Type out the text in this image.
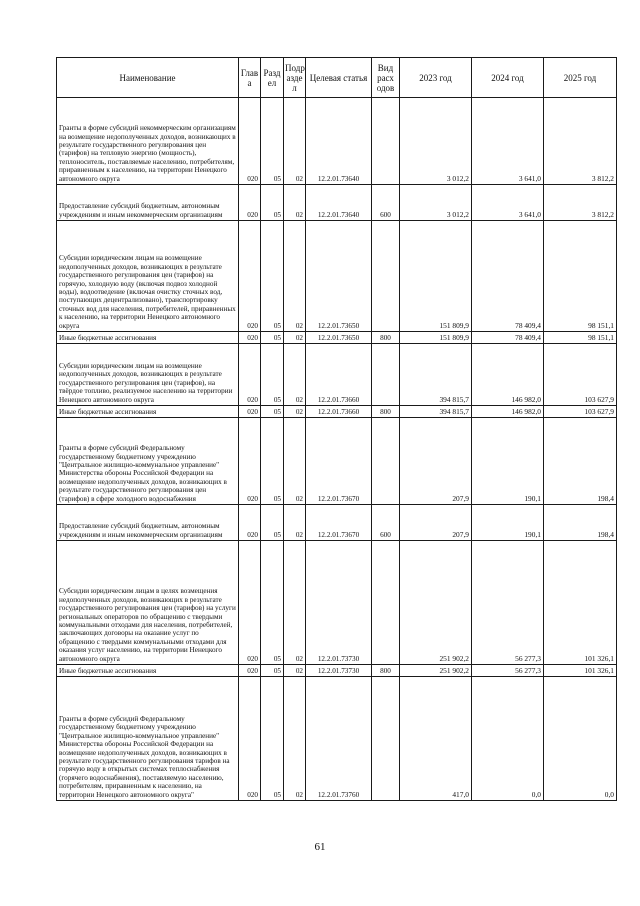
Наименование	Глав а	Разд ел	Подр азде л	Целевая статья	Вид расх одов	2023 год	2024 год	2025 год
Гранты в форме субсидий некоммерческим организациям на возмещение недополученных доходов, возникающих в результате государственного регулирования цен (тарифов) на тепловую энергию (мощность), теплоноситель, поставляемые населению, потребителям, приравненным к населению, на территории Ненецкого автономного округа	020	05	02	12.2.01.73640		3 012,2	3 641,0	3 812,2
Предоставление субсидий бюджетным, автономным учреждениям и иным некоммерческим организациям	020	05	02	12.2.01.73640	600	3 012,2	3 641,0	3 812,2
Субсидии юридическим лицам на возмещение недополученных доходов, возникающих в результате государственного регулирования цен (тарифов) на горячую, холодную воду (включая подвоз холодной воды), водоотведение (включая очистку сточных вод, поступающих децентрализовано), транспортировку сточных вод для населения, потребителей, приравненных к населению, на территории Ненецкого автономного округа	020	05	02	12.2.01.73650		151 809,9	78 409,4	98 151,1
Иные бюджетные ассигнования	020	05	02	12.2.01.73650	800	151 809,9	78 409,4	98 151,1
Субсидии юридическим лицам на возмещение недополученных доходов, возникающих в результате государственного регулирования цен (тарифов), на твёрдое топливо, реализуемое населению на территории Ненецкого автономного округа	020	05	02	12.2.01.73660		394 815,7	146 982,0	103 627,9
Иные бюджетные ассигнования	020	05	02	12.2.01.73660	800	394 815,7	146 982,0	103 627,9
Гранты в форме субсидий Федеральному государственному бюджетному учреждению "Центральное жилищно-коммунальное управление" Министерства обороны Российской Федерации на возмещение недополученных доходов, возникающих в результате государственного регулирования цен (тарифов) в сфере холодного водоснабжения	020	05	02	12.2.01.73670		207,9	190,1	198,4
Предоставление субсидий бюджетным, автономным учреждениям и иным некоммерческим организациям	020	05	02	12.2.01.73670	600	207,9	190,1	198,4
Субсидии юридическим лицам в целях возмещения недополученных доходов, возникающих в результате государственного регулирования цен (тарифов) на услуги региональных операторов по обращению с твердыми коммунальными отходами для населения, потребителей, заключающих договоры на оказание услуг по обращению с твердыми коммунальными отходами для оказания услуг населению, на территории Ненецкого автономного округа	020	05	02	12.2.01.73730		251 902,2	56 277,3	101 326,1
Иные бюджетные ассигнования	020	05	02	12.2.01.73730	800	251 902,2	56 277,3	101 326,1
Гранты в форме субсидий Федеральному государственному бюджетному учреждению "Центральное жилищно-коммунальное управление" Министерства обороны Российской Федерации на возмещение недополученных доходов, возникающих в результате государственного регулирования тарифов на горячую воду в открытых системах теплоснабжения (горячего водоснабжения), поставляемую населению, потребителям, приравненным к населению, на территории Ненецкого автономного округа"	020	05	02	12.2.01.73760		417,0	0,0	0,0
61
